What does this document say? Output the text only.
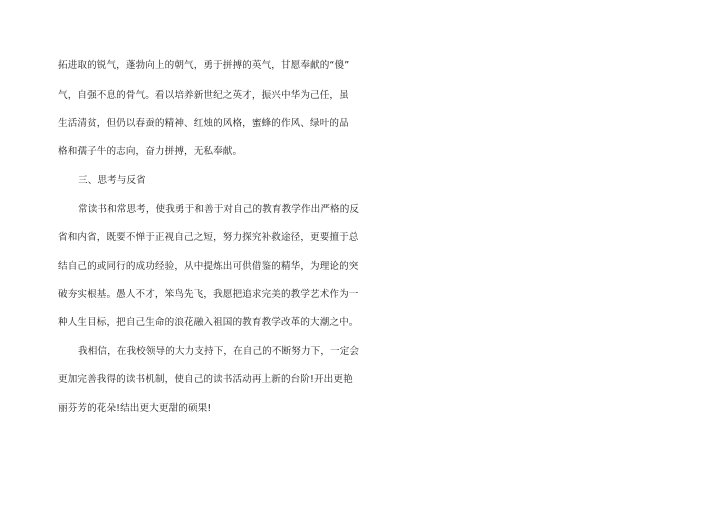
拓进取的锐气，蓬勃向上的朝气，勇于拼搏的英气，甘愿奉献的“傻”
气，自强不息的骨气。看以培养新世纪之英才，振兴中华为己任，虽
生活清贫，但仍以春蚕的精神、红烛的风格，蜜蜂的作风、绿叶的品
格和孺子牛的志向，奋力拼搏，无私奉献。
三、思考与反省
常读书和常思考，使我勇于和善于对自己的教育教学作出严格的反
省和内省，既要不惮于正视自己之短，努力探究补救途径，更要擅于总
结自己的或同行的成功经验，从中提炼出可供借鉴的精华，为理论的突
破夯实根基。愚人不才，笨鸟先飞，我愿把追求完美的教学艺术作为一
种人生目标，把自己生命的浪花融入祖国的教育教学改革的大潮之中。
我相信，在我校领导的大力支持下，在自己的不断努力下，一定会
更加完善我得的读书机制，使自己的读书活动再上新的台阶!开出更艳
丽芬芳的花朵!结出更大更甜的硕果!
